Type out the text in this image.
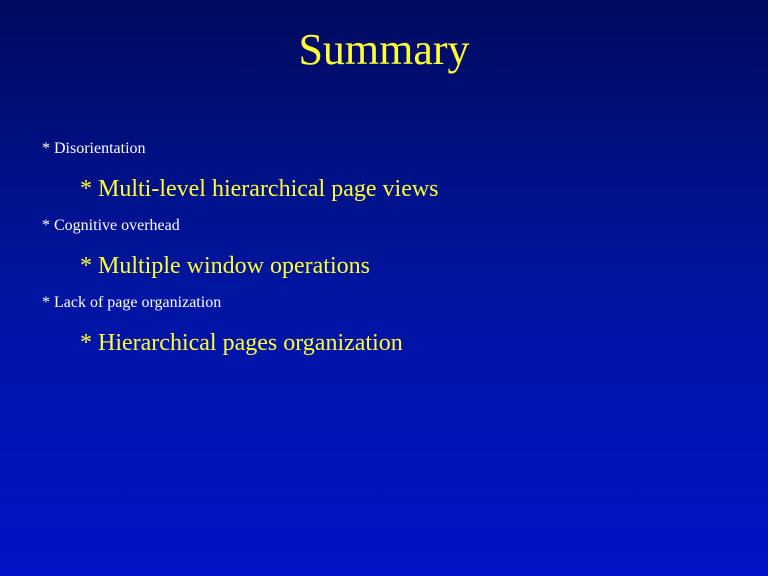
Summary
* Disorientation
* Multi-level hierarchical page views
* Cognitive overhead
* Multiple window operations
* Lack of page organization
* Hierarchical pages organization
